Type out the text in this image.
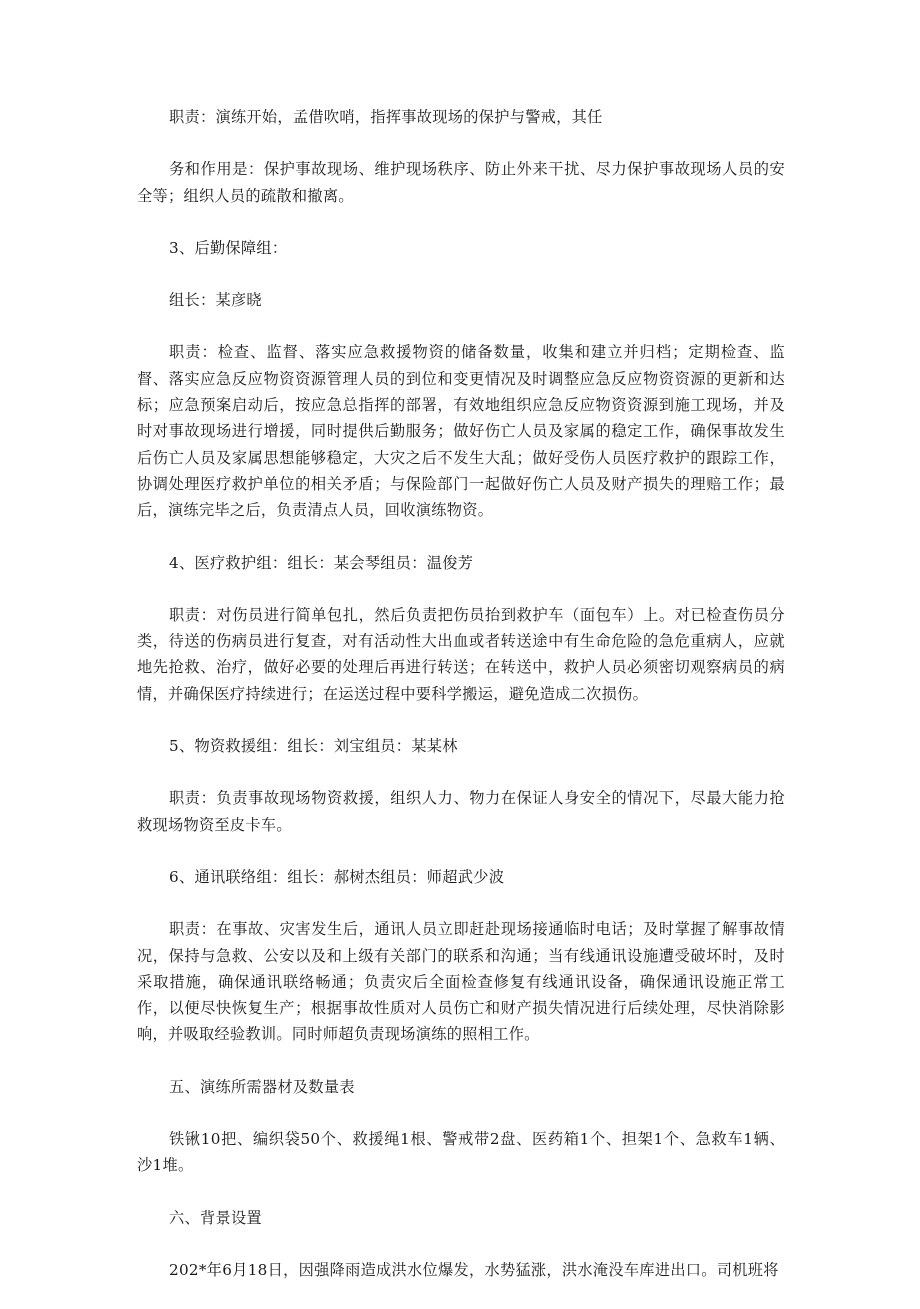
职责：演练开始，孟借吹哨，指挥事故现场的保护与警戒，其任

务和作用是：保护事故现场、维护现场秩序、防止外来干扰、尽力保护事故现场人员的安全等；组织人员的疏散和撤离。

3、后勤保障组：

组长：某彦晓

职责：检查、监督、落实应急救援物资的储备数量，收集和建立并归档；定期检查、监督、落实应急反应物资资源管理人员的到位和变更情况及时调整应急反应物资资源的更新和达标；应急预案启动后，按应急总指挥的部署，有效地组织应急反应物资资源到施工现场，并及时对事故现场进行增援，同时提供后勤服务；做好伤亡人员及家属的稳定工作，确保事故发生后伤亡人员及家属思想能够稳定，大灾之后不发生大乱；做好受伤人员医疗救护的跟踪工作，协调处理医疗救护单位的相关矛盾；与保险部门一起做好伤亡人员及财产损失的理赔工作；最后，演练完毕之后，负责清点人员，回收演练物资。

4、医疗救护组：组长：某会琴组员：温俊芳

职责：对伤员进行简单包扎，然后负责把伤员抬到救护车（面包车）上。对已检查伤员分类，待送的伤病员进行复查，对有活动性大出血或者转送途中有生命危险的急危重病人，应就地先抢救、治疗，做好必要的处理后再进行转送；在转送中，救护人员必须密切观察病员的病情，并确保医疗持续进行；在运送过程中要科学搬运，避免造成二次损伤。

5、物资救援组：组长：刘宝组员：某某林

职责：负责事故现场物资救援，组织人力、物力在保证人身安全的情况下，尽最大能力抢救现场物资至皮卡车。

6、通讯联络组：组长：郝树杰组员：师超武少波

职责：在事故、灾害发生后，通讯人员立即赶赴现场接通临时电话；及时掌握了解事故情况，保持与急救、公安以及和上级有关部门的联系和沟通；当有线通讯设施遭受破坏时，及时采取措施，确保通讯联络畅通；负责灾后全面检查修复有线通讯设备，确保通讯设施正常工作，以便尽快恢复生产；根据事故性质对人员伤亡和财产损失情况进行后续处理，尽快消除影响，并吸取经验教训。同时师超负责现场演练的照相工作。

五、演练所需器材及数量表

铁锹10把、编织袋50个、救援绳1根、警戒带2盘、医药箱1个、担架1个、急救车1辆、沙1堆。

六、背景设置

202*年6月18日，因强降雨造成洪水位爆发，水势猛涨，洪水淹没车库进出口。司机班将
